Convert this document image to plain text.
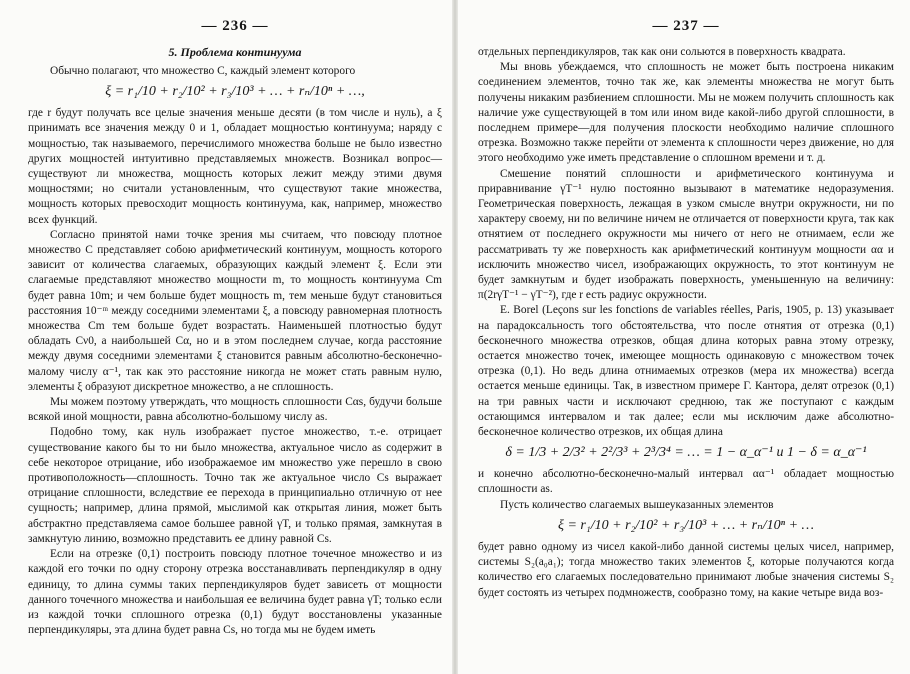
— 236 —
5. Проблема континуума

Обычно полагают, что множество C, каждый элемент которого

ξ = r₁/10 + r₂/10² + r₃/10³ + … + rₙ/10ⁿ + …,

где r будут получать все целые значения меньше десяти (в том числе и нуль), а ξ принимать все значения между 0 и 1, обладает мощностью континуума; наряду с мощностью, так называемого, перечислимого множества больше не было известно других мощностей интуитивно представляемых множеств. Возникал вопрос—существуют ли множества, мощность которых лежит между этими двумя мощностями; но считали установленным, что существуют такие множества, мощность которых превосходит мощность континуума, как, например, множество всех функций.

Согласно принятой нами точке зрения мы считаем, что повсюду плотное множество C представляет собою арифметический континуум, мощность которого зависит от количества слагаемых, образующих каждый элемент ξ. Если эти слагаемые представляют множество мощности m, то мощность континуума Cm будет равна 10m; и чем больше будет мощность m, тем меньше будут становиться расстояния 10⁻ᵐ между соседними элементами ξ, а повсюду равномерная плотность множества Cm тем больше будет возрастать. Наименьшей плотностью будут обладать Cν0, а наибольшей Cα, но и в этом последнем случае, когда расстояние между двумя соседними элементами ξ становится равным абсолютно-бесконечно-малому числу α⁻¹, так как это расстояние никогда не может стать равным нулю, элементы ξ образуют дискретное множество, а не сплошность.

Мы можем поэтому утверждать, что мощность сплошности Cαs, будучи больше всякой иной мощности, равна абсолютно-большому числу as.

Подобно тому, как нуль изображает пустое множество, т.-е. отрицает существование какого бы то ни было множества, актуальное число as содержит в себе некоторое отрицание, ибо изображаемое им множество уже перешло в свою противоположность—сплошность. Точно так же актуальное число Cs выражает отрицание сплошности, вследствие ее перехода в принципиально отличную от нее сущность; например, длина прямой, мыслимой как открытая линия, может быть абстрактно представляема самое большее равной γT, и только прямая, замкнутая в замкнутую линию, возможно представить ее длину равной Cs.

Если на отрезке (0,1) построить повсюду плотное точечное множество и из каждой его точки по одну сторону отрезка восстанавливать перпендикуляр в одну единицу, то длина суммы таких перпендикуляров будет зависеть от мощности данного точечного множества и наибольшая ее величина будет равна γT; только если из каждой точки сплошного отрезка (0,1) будут восстановлены указанные перпендикуляры, эта длина будет равна Cs, но тогда мы не будем иметь

— 237 —

отдельных перпендикуляров, так как они сольются в поверхность квадрата.

Мы вновь убеждаемся, что сплошность не может быть построена никаким соединением элементов, точно так же, как элементы множества не могут быть получены никаким разбиением сплошности. Мы не можем получить сплошность как наличие уже существующей в том или ином виде какой-либо другой сплошности, в последнем примере—для получения плоскости необходимо наличие сплошного отрезка. Возможно также перейти от элемента к сплошности через движение, но для этого необходимо уже иметь представление о сплошном времени и т. д.

Смешение понятий сплошности и арифметического континуума и приравнивание γT⁻¹ нулю постоянно вызывают в математике недоразумения. Геометрическая поверхность, лежащая в узком смысле внутри окружности, ни по характеру своему, ни по величине ничем не отличается от поверхности круга, так как отнятием от последнего окружности мы ничего от него не отнимаем, если же рассматривать ту же поверхность как арифметический континуум мощности αα и исключить множество чисел, изображающих окружность, то этот континуум не будет замкнутым и будет изображать поверхность, уменьшенную на величину: π(2rγT⁻¹ − γT⁻²), где r есть радиус окружности.

E. Borel (Leçons sur les fonctions de variables réelles, Paris, 1905, p. 13) указывает на парадоксальность того обстоятельства, что после отнятия от отрезка (0,1) бесконечного множества отрезков, общая длина которых равна этому отрезку, остается множество точек, имеющее мощность одинаковую с множеством точек отрезка (0,1). Но ведь длина отнимаемых отрезков (мера их множества) всегда остается меньше единицы. Так, в известном примере Г. Кантора, делят отрезок (0,1) на три равных части и исключают среднюю, так же поступают с каждым остающимся интервалом и так далее; если мы исключим даже абсолютно-бесконечное количество отрезков, их общая длина

δ = 1/3 + 2/3² + 2²/3³ + 2³/3⁴ = … = 1 − α_α⁻¹ и 1 − δ = α_α⁻¹

и конечно абсолютно-бесконечно-малый интервал αα⁻¹ обладает мощностью сплошности as.

Пусть количество слагаемых вышеуказанных элементов

ξ = r₁/10 + r₂/10² + r₃/10³ + … + rₙ/10ⁿ + …

будет равно одному из чисел какой-либо данной системы целых чисел, например, системы S₂(a₀a₁); тогда множество таких элементов ξ, которые получаются когда количество его слагаемых последовательно принимают любые значения системы S₂ будет состоять из четырех подмножеств, сообразно тому, на какие четыре вида воз-
